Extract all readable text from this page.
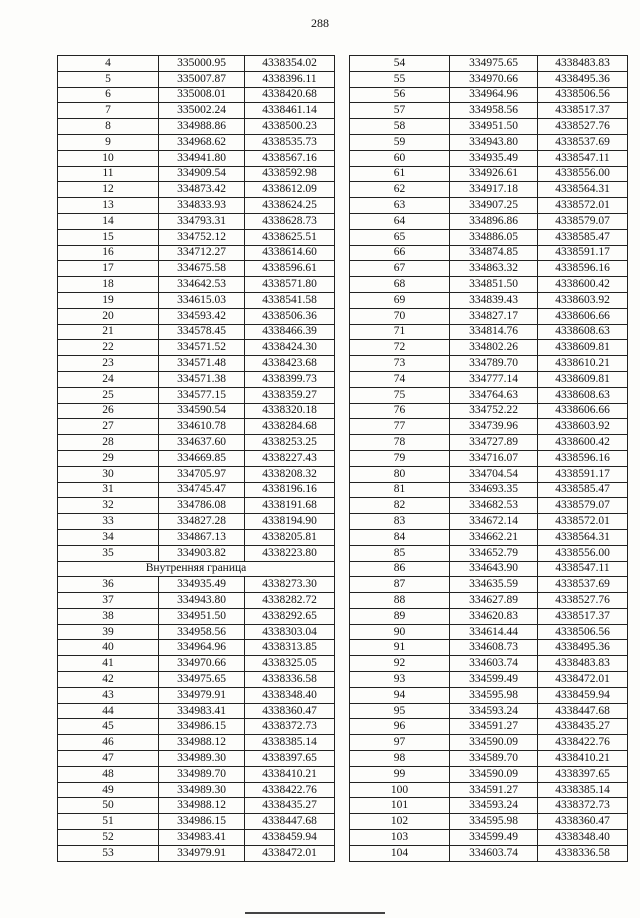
288
4	335000.95	4338354.02
5	335007.87	4338396.11
6	335008.01	4338420.68
7	335002.24	4338461.14
8	334988.86	4338500.23
9	334968.62	4338535.73
10	334941.80	4338567.16
11	334909.54	4338592.98
12	334873.42	4338612.09
13	334833.93	4338624.25
14	334793.31	4338628.73
15	334752.12	4338625.51
16	334712.27	4338614.60
17	334675.58	4338596.61
18	334642.53	4338571.80
19	334615.03	4338541.58
20	334593.42	4338506.36
21	334578.45	4338466.39
22	334571.52	4338424.30
23	334571.48	4338423.68
24	334571.38	4338399.73
25	334577.15	4338359.27
26	334590.54	4338320.18
27	334610.78	4338284.68
28	334637.60	4338253.25
29	334669.85	4338227.43
30	334705.97	4338208.32
31	334745.47	4338196.16
32	334786.08	4338191.68
33	334827.28	4338194.90
34	334867.13	4338205.81
35	334903.82	4338223.80
Внутренняя граница		
36	334935.49	4338273.30
37	334943.80	4338282.72
38	334951.50	4338292.65
39	334958.56	4338303.04
40	334964.96	4338313.85
41	334970.66	4338325.05
42	334975.65	4338336.58
43	334979.91	4338348.40
44	334983.41	4338360.47
45	334986.15	4338372.73
46	334988.12	4338385.14
47	334989.30	4338397.65
48	334989.70	4338410.21
49	334989.30	4338422.76
50	334988.12	4338435.27
51	334986.15	4338447.68
52	334983.41	4338459.94
53	334979.91	4338472.01
54	334975.65	4338483.83
55	334970.66	4338495.36
56	334964.96	4338506.56
57	334958.56	4338517.37
58	334951.50	4338527.76
59	334943.80	4338537.69
60	334935.49	4338547.11
61	334926.61	4338556.00
62	334917.18	4338564.31
63	334907.25	4338572.01
64	334896.86	4338579.07
65	334886.05	4338585.47
66	334874.85	4338591.17
67	334863.32	4338596.16
68	334851.50	4338600.42
69	334839.43	4338603.92
70	334827.17	4338606.66
71	334814.76	4338608.63
72	334802.26	4338609.81
73	334789.70	4338610.21
74	334777.14	4338609.81
75	334764.63	4338608.63
76	334752.22	4338606.66
77	334739.96	4338603.92
78	334727.89	4338600.42
79	334716.07	4338596.16
80	334704.54	4338591.17
81	334693.35	4338585.47
82	334682.53	4338579.07
83	334672.14	4338572.01
84	334662.21	4338564.31
85	334652.79	4338556.00
86	334643.90	4338547.11
87	334635.59	4338537.69
88	334627.89	4338527.76
89	334620.83	4338517.37
90	334614.44	4338506.56
91	334608.73	4338495.36
92	334603.74	4338483.83
93	334599.49	4338472.01
94	334595.98	4338459.94
95	334593.24	4338447.68
96	334591.27	4338435.27
97	334590.09	4338422.76
98	334589.70	4338410.21
99	334590.09	4338397.65
100	334591.27	4338385.14
101	334593.24	4338372.73
102	334595.98	4338360.47
103	334599.49	4338348.40
104	334603.74	4338336.58
